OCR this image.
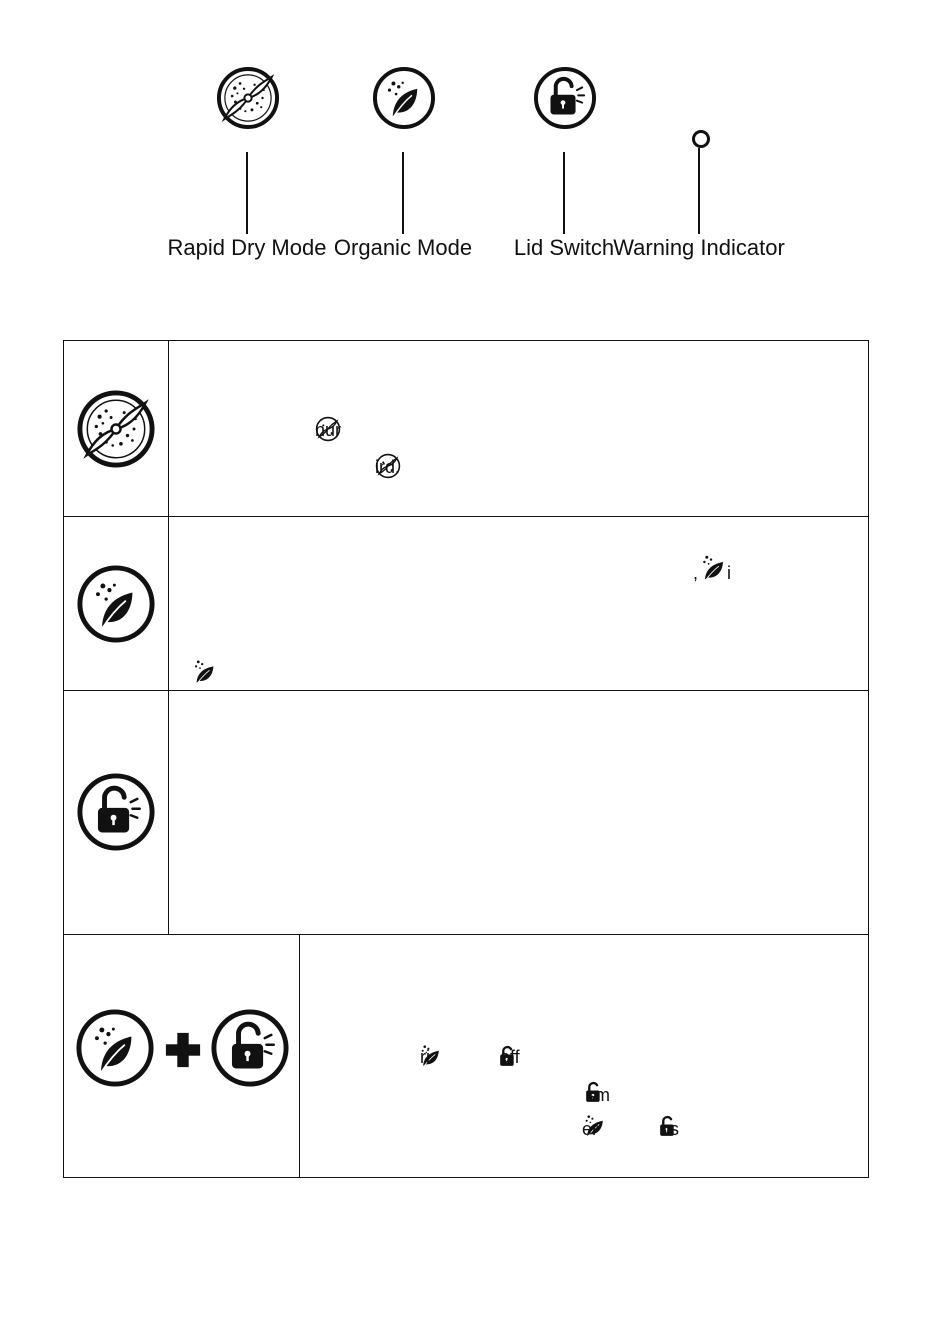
Rapid Dry Mode Organic Mode	Lid Switch Warning Indicator
nur
ird.
, i
ri	off
sm
er	us
